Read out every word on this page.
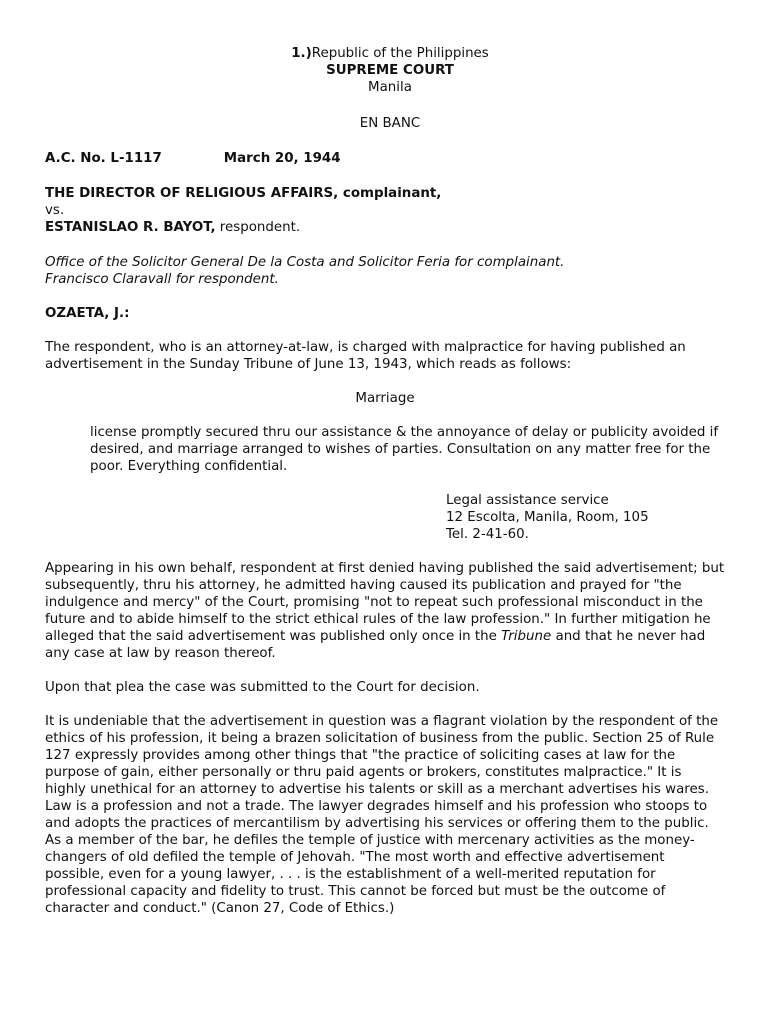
1.)Republic of the Philippines
SUPREME COURT
Manila
EN BANC
A.C. No. L-1117	March 20, 1944
THE DIRECTOR OF RELIGIOUS AFFAIRS, complainant,
vs.
ESTANISLAO R. BAYOT, respondent.
Office of the Solicitor General De la Costa and Solicitor Feria for complainant.
Francisco Claravall for respondent.
OZAETA, J.:

The respondent, who is an attorney-at-law, is charged with malpractice for having published an advertisement in the Sunday Tribune of June 13, 1943, which reads as follows:

Marriage

license promptly secured thru our assistance & the annoyance of delay or publicity avoided if desired, and marriage arranged to wishes of parties. Consultation on any matter free for the poor. Everything confidential.

Legal assistance service
12 Escolta, Manila, Room, 105
Tel. 2-41-60.

Appearing in his own behalf, respondent at first denied having published the said advertisement; but subsequently, thru his attorney, he admitted having caused its publication and prayed for "the indulgence and mercy" of the Court, promising "not to repeat such professional misconduct in the future and to abide himself to the strict ethical rules of the law profession." In further mitigation he alleged that the said advertisement was published only once in the Tribune and that he never had any case at law by reason thereof.

Upon that plea the case was submitted to the Court for decision.

It is undeniable that the advertisement in question was a flagrant violation by the respondent of the ethics of his profession, it being a brazen solicitation of business from the public. Section 25 of Rule 127 expressly provides among other things that "the practice of soliciting cases at law for the purpose of gain, either personally or thru paid agents or brokers, constitutes malpractice." It is highly unethical for an attorney to advertise his talents or skill as a merchant advertises his wares. Law is a profession and not a trade. The lawyer degrades himself and his profession who stoops to and adopts the practices of mercantilism by advertising his services or offering them to the public. As a member of the bar, he defiles the temple of justice with mercenary activities as the money-changers of old defiled the temple of Jehovah. "The most worth and effective advertisement possible, even for a young lawyer, . . . is the establishment of a well-merited reputation for professional capacity and fidelity to trust. This cannot be forced but must be the outcome of character and conduct." (Canon 27, Code of Ethics.)
